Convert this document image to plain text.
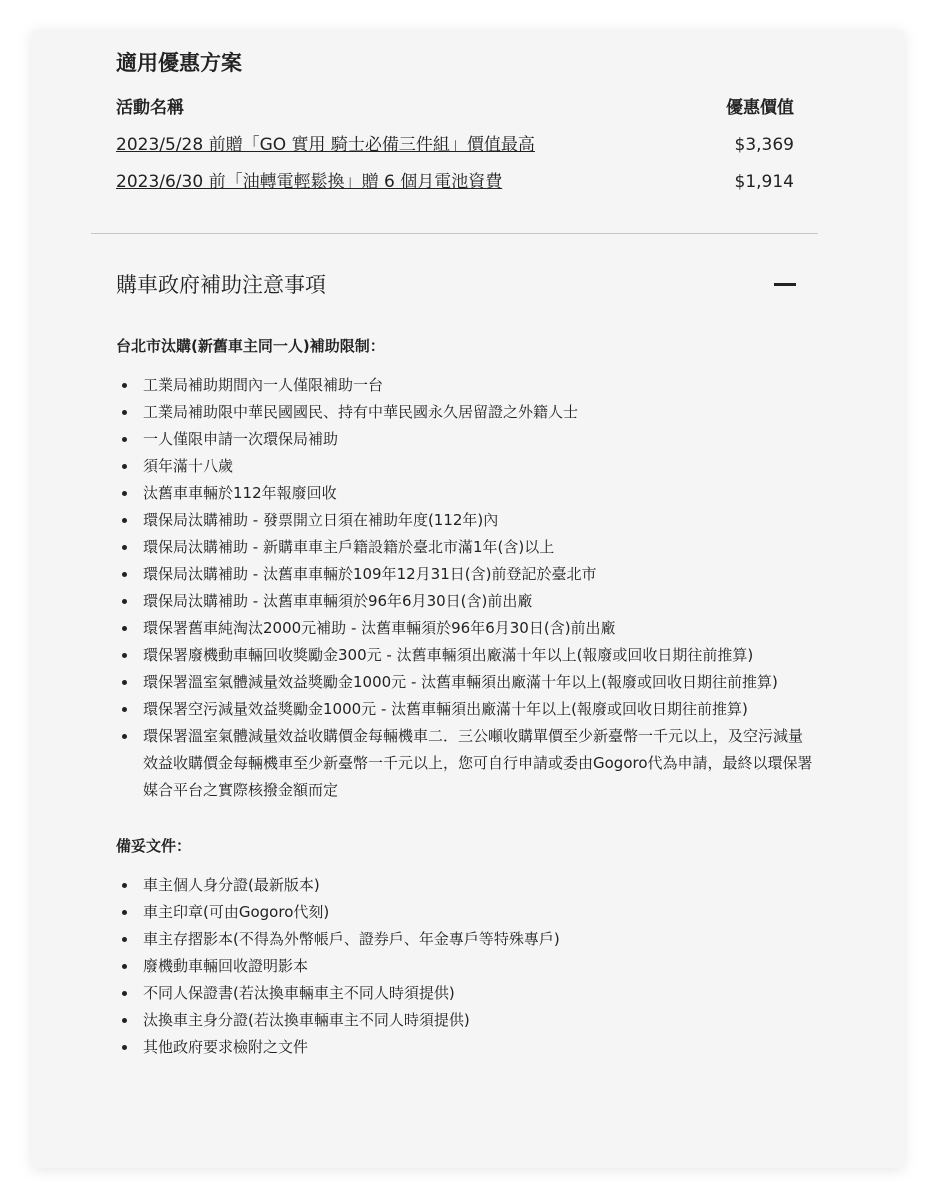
適用優惠方案
活動名稱	優惠價值
2023/5/28 前贈「GO 實用 騎士必備三件組」價值最高	$3,369
2023/6/30 前「油轉電輕鬆換」贈 6 個月電池資費	$1,914
購車政府補助注意事項

台北市汰購(新舊車主同一人)補助限制：

工業局補助期間內一人僅限補助一台
工業局補助限中華民國國民、持有中華民國永久居留證之外籍人士
一人僅限申請一次環保局補助
須年滿十八歲
汰舊車車輛於112年報廢回收
環保局汰購補助 - 發票開立日須在補助年度(112年)內
環保局汰購補助 - 新購車車主戶籍設籍於臺北市滿1年(含)以上
環保局汰購補助 - 汰舊車車輛於109年12月31日(含)前登記於臺北市
環保局汰購補助 - 汰舊車車輛須於96年6月30日(含)前出廠
環保署舊車純淘汰2000元補助 - 汰舊車輛須於96年6月30日(含)前出廠
環保署廢機動車輛回收獎勵金300元 - 汰舊車輛須出廠滿十年以上(報廢或回收日期往前推算)
環保署溫室氣體減量效益獎勵金1000元 - 汰舊車輛須出廠滿十年以上(報廢或回收日期往前推算)
環保署空污減量效益獎勵金1000元 - 汰舊車輛須出廠滿十年以上(報廢或回收日期往前推算)
環保署溫室氣體減量效益收購價金每輛機車二．三公噸收購單價至少新臺幣一千元以上，及空污減量效益收購價金每輛機車至少新臺幣一千元以上，您可自行申請或委由Gogoro代為申請，最終以環保署媒合平台之實際核撥金額而定

備妥文件：

車主個人身分證(最新版本)
車主印章(可由Gogoro代刻)
車主存摺影本(不得為外幣帳戶、證券戶、年金專戶等特殊專戶)
廢機動車輛回收證明影本
不同人保證書(若汰換車輛車主不同人時須提供)
汰換車主身分證(若汰換車輛車主不同人時須提供)
其他政府要求檢附之文件
